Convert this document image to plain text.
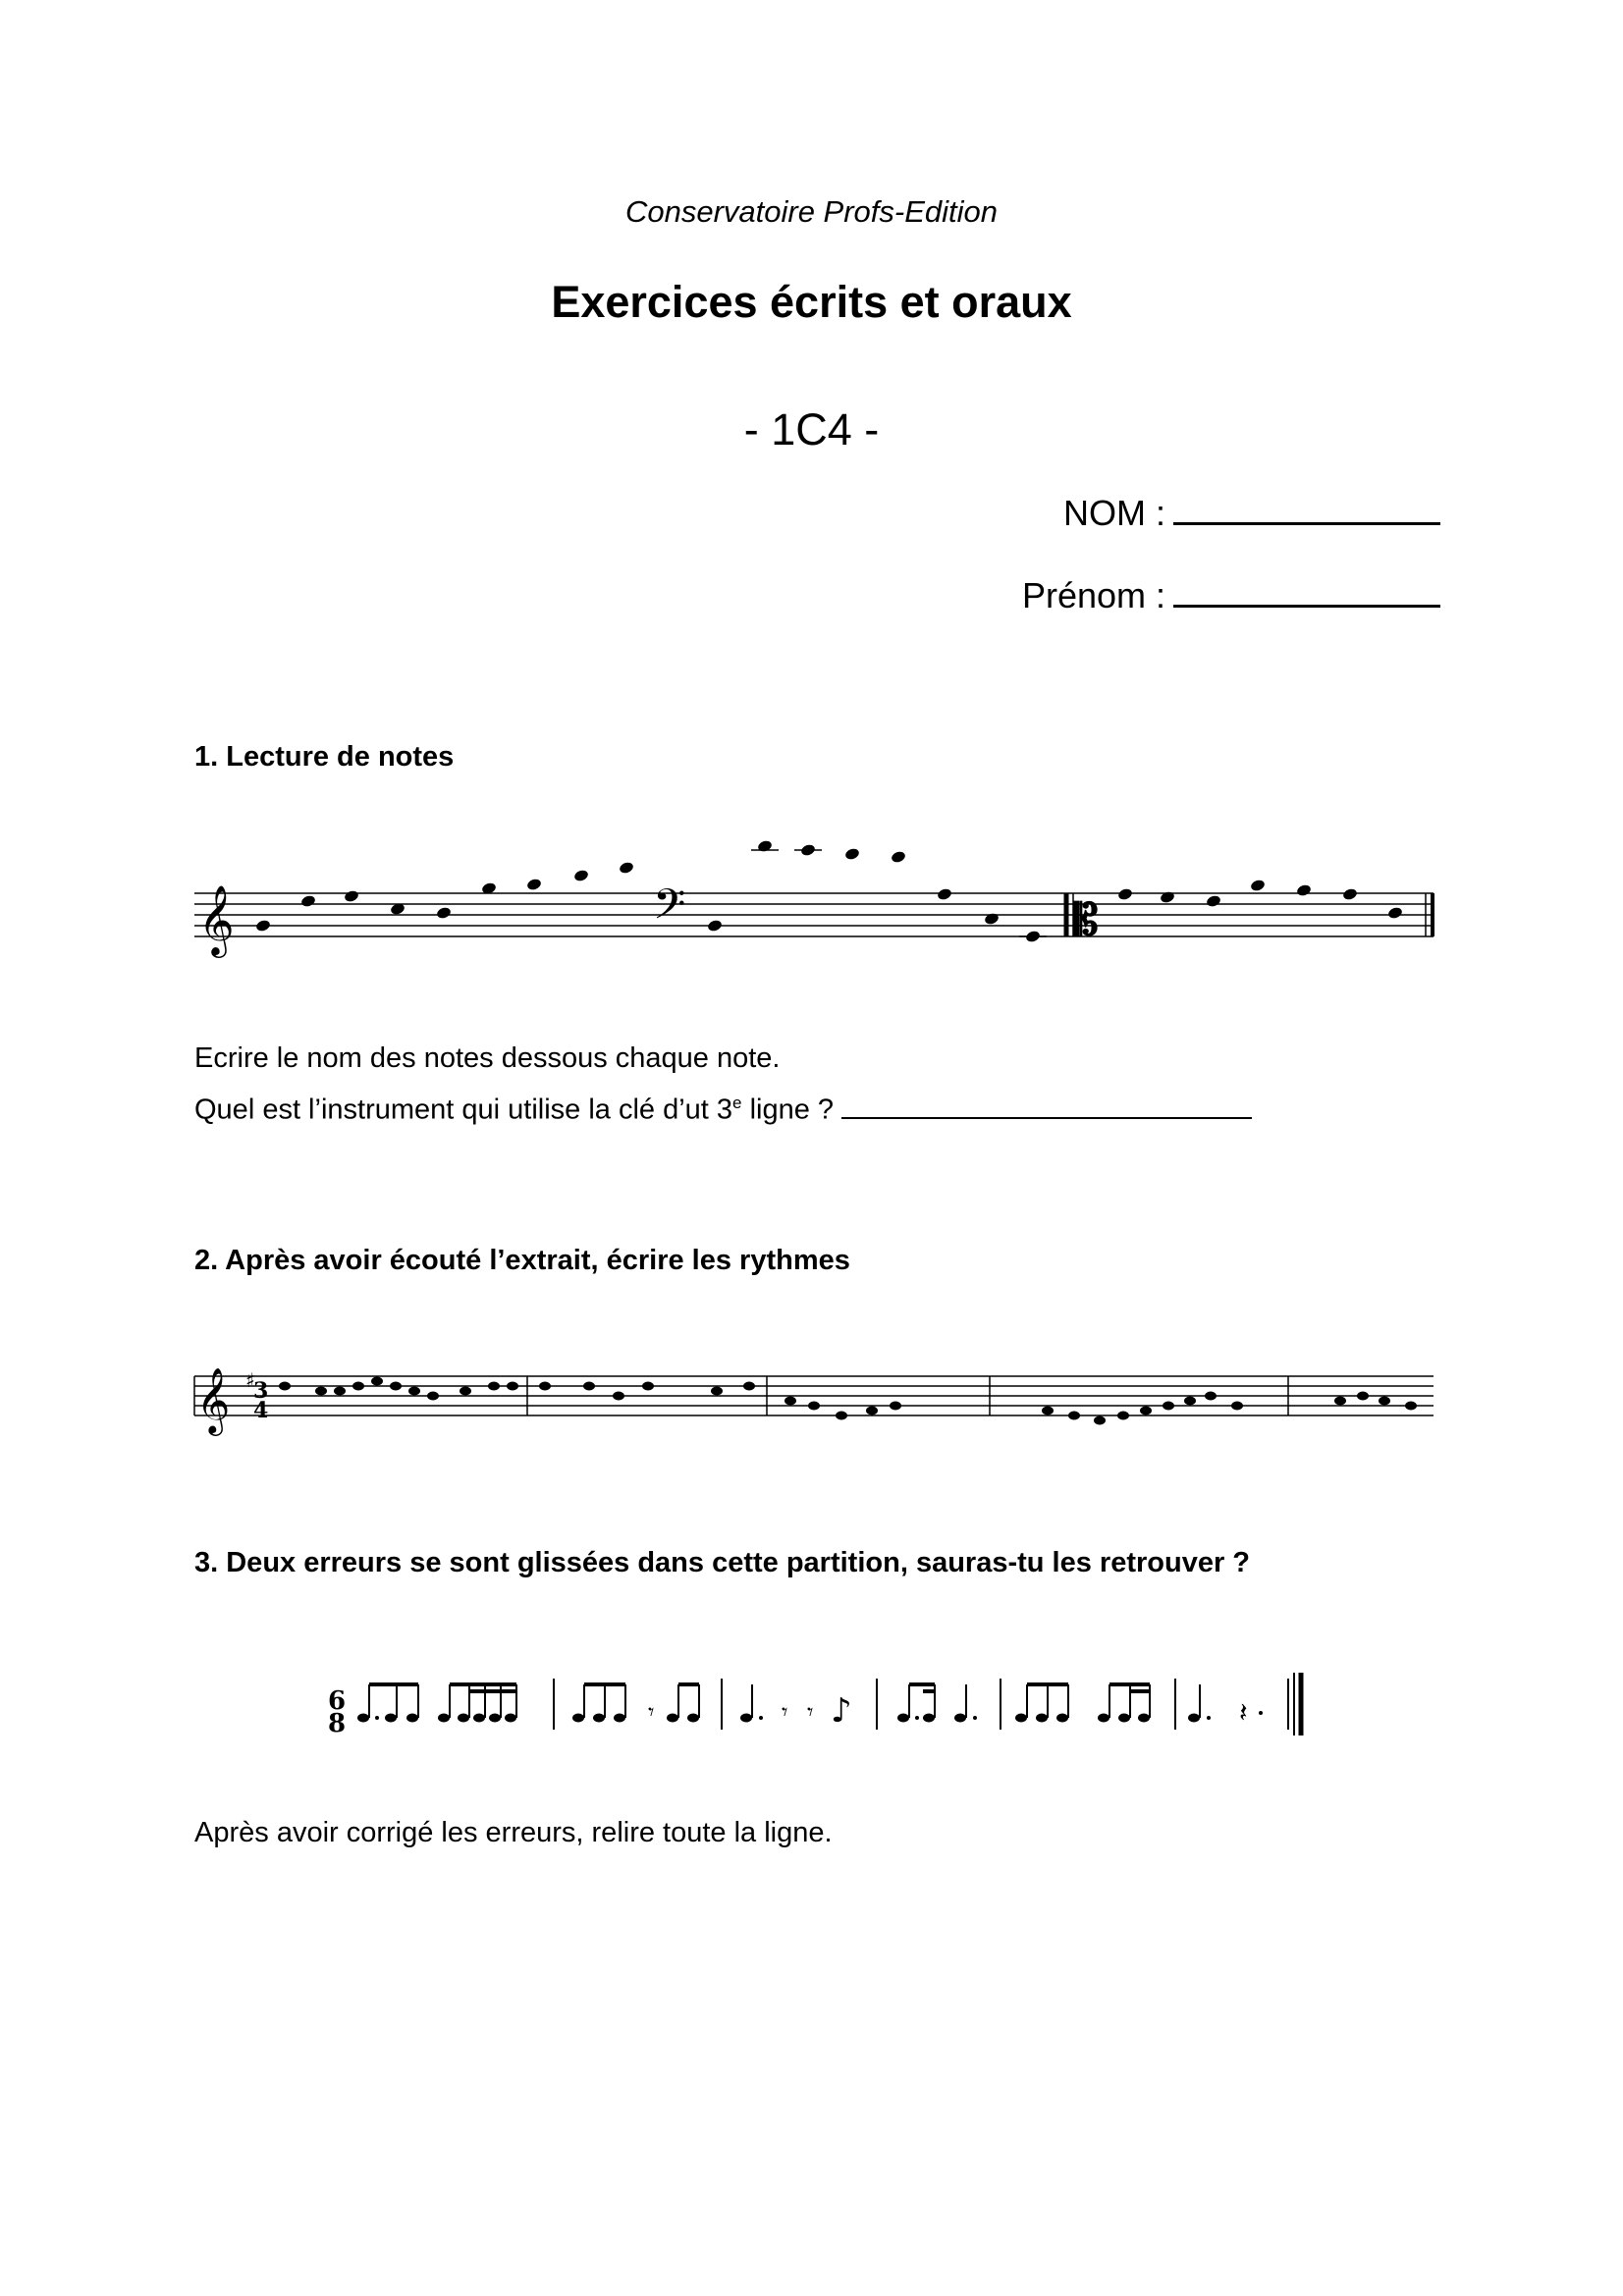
Conservatoire Profs-Edition
Exercices écrits et oraux
- 1C4 -
NOM :
Prénom :
1. Lecture de notes
𝄞	𝄢	𝄡
𝄞 ♯
3
4
6
8	𝄾	𝄾 𝄾 ♪	𝄽
Ecrire le nom des notes dessous chaque note.
Quel est l’instrument qui utilise la clé d’ut 3e ligne ?
2. Après avoir écouté l’extrait, écrire les rythmes
3. Deux erreurs se sont glissées dans cette partition, sauras-tu les retrouver ?
Après avoir corrigé les erreurs, relire toute la ligne.
